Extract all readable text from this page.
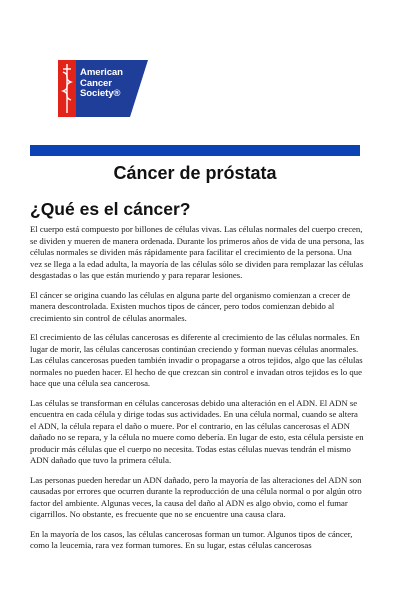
American
Cancer
Society®
Cáncer de próstata
¿Qué es el cáncer?

El cuerpo está compuesto por billones de células vivas. Las células normales del cuerpo crecen, se dividen y mueren de manera ordenada. Durante los primeros años de vida de una persona, las células normales se dividen más rápidamente para facilitar el crecimiento de la persona. Una vez se llega a la edad adulta, la mayoría de las células sólo se dividen para remplazar las células desgastadas o las que están muriendo y para reparar lesiones.

El cáncer se origina cuando las células en alguna parte del organismo comienzan a crecer de manera descontrolada. Existen muchos tipos de cáncer, pero todos comienzan debido al crecimiento sin control de células anormales.

El crecimiento de las células cancerosas es diferente al crecimiento de las células normales. En lugar de morir, las células cancerosas continúan creciendo y forman nuevas células anormales. Las células cancerosas pueden también invadir o propagarse a otros tejidos, algo que las células normales no pueden hacer. El hecho de que crezcan sin control e invadan otros tejidos es lo que hace que una célula sea cancerosa.

Las células se transforman en células cancerosas debido una alteración en el ADN. El ADN se encuentra en cada célula y dirige todas sus actividades. En una célula normal, cuando se altera el ADN, la célula repara el daño o muere. Por el contrario, en las células cancerosas el ADN dañado no se repara, y la célula no muere como debería. En lugar de esto, esta célula persiste en producir más células que el cuerpo no necesita. Todas estas células nuevas tendrán el mismo ADN dañado que tuvo la primera célula.

Las personas pueden heredar un ADN dañado, pero la mayoría de las alteraciones del ADN son causadas por errores que ocurren durante la reproducción de una célula normal o por algún otro factor del ambiente. Algunas veces, la causa del daño al ADN es algo obvio, como el fumar cigarrillos. No obstante, es frecuente que no se encuentre una causa clara.

En la mayoría de los casos, las células cancerosas forman un tumor. Algunos tipos de cáncer, como la leucemia, rara vez forman tumores. En su lugar, estas células cancerosas
